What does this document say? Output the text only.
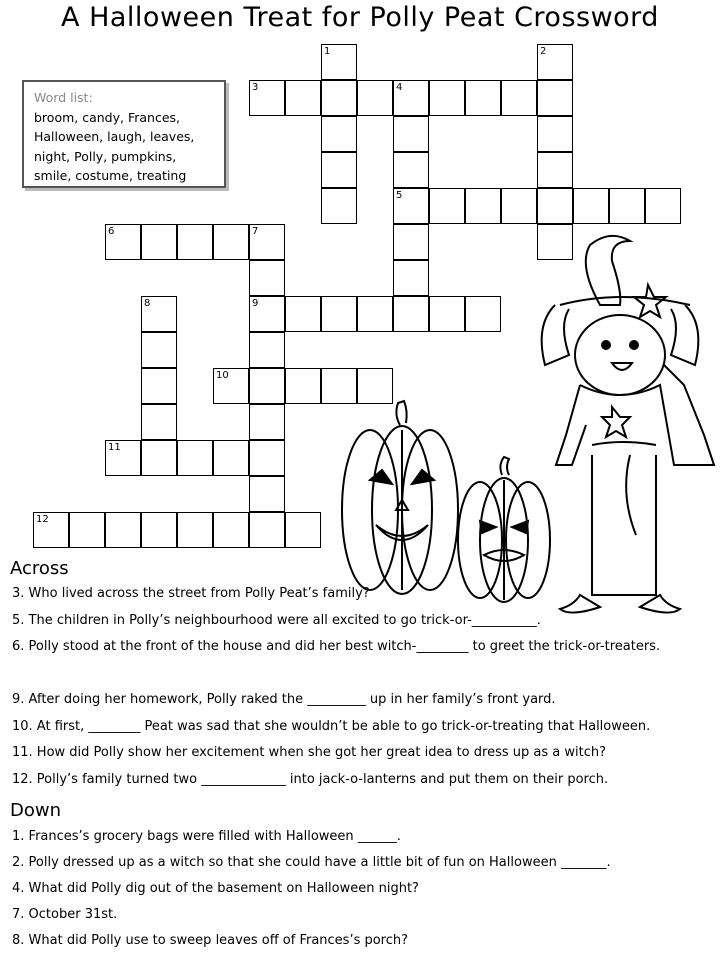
A Halloween Treat for Polly Peat Crossword
Word list:
broom, candy, Frances, Halloween, laugh, leaves, night, Polly, pumpkins, smile, costume, treating
1	2
3	4
5
6	7
8	9
10
11
12
Across
3. Who lived across the street from Polly Peat’s family?
5. The children in Polly’s neighbourhood were all excited to go trick-or-__________.
6. Polly stood at the front of the house and did her best witch-________ to greet the trick-or-treaters.
9. After doing her homework, Polly raked the _________ up in her family’s front yard.
10. At first, ________ Peat was sad that she wouldn’t be able to go trick-or-treating that Halloween.
11. How did Polly show her excitement when she got her great idea to dress up as a witch?
12. Polly’s family turned two _____________ into jack-o-lanterns and put them on their porch.
Down
1. Frances’s grocery bags were filled with Halloween ______.
2. Polly dressed up as a witch so that she could have a little bit of fun on Halloween _______.
4. What did Polly dig out of the basement on Halloween night?
7. October 31st.
8. What did Polly use to sweep leaves off of Frances’s porch?
